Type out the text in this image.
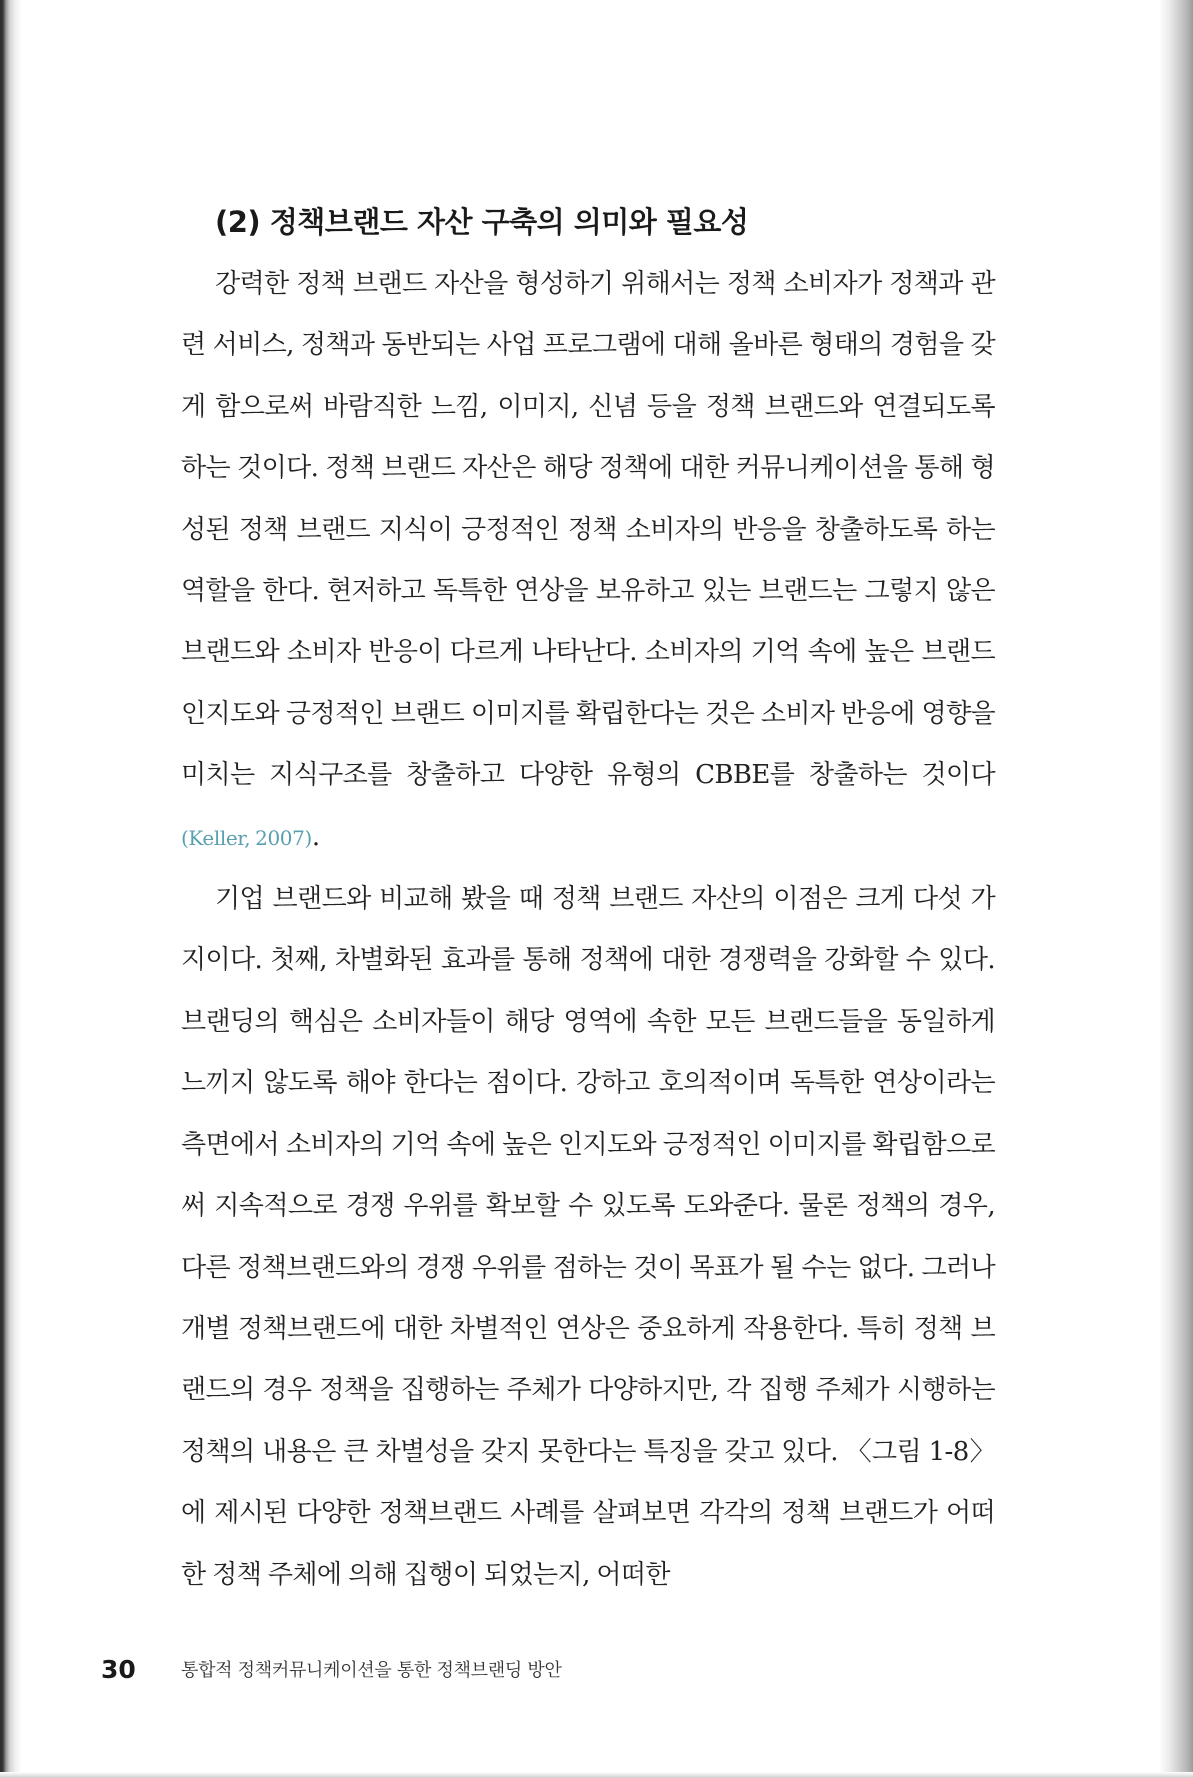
(2) 정책브랜드 자산 구축의 의미와 필요성

강력한 정책 브랜드 자산을 형성하기 위해서는 정책 소비자가 정책과 관련 서비스, 정책과 동반되는 사업 프로그램에 대해 올바른 형태의 경험을 갖게 함으로써 바람직한 느낌, 이미지, 신념 등을 정책 브랜드와 연결되도록 하는 것이다. 정책 브랜드 자산은 해당 정책에 대한 커뮤니케이션을 통해 형성된 정책 브랜드 지식이 긍정적인 정책 소비자의 반응을 창출하도록 하는 역할을 한다. 현저하고 독특한 연상을 보유하고 있는 브랜드는 그렇지 않은 브랜드와 소비자 반응이 다르게 나타난다. 소비자의 기억 속에 높은 브랜드 인지도와 긍정적인 브랜드 이미지를 확립한다는 것은 소비자 반응에 영향을 미치는 지식구조를 창출하고 다양한 유형의 CBBE를 창출하는 것이다(Keller, 2007).

기업 브랜드와 비교해 봤을 때 정책 브랜드 자산의 이점은 크게 다섯 가지이다. 첫째, 차별화된 효과를 통해 정책에 대한 경쟁력을 강화할 수 있다. 브랜딩의 핵심은 소비자들이 해당 영역에 속한 모든 브랜드들을 동일하게 느끼지 않도록 해야 한다는 점이다. 강하고 호의적이며 독특한 연상이라는 측면에서 소비자의 기억 속에 높은 인지도와 긍정적인 이미지를 확립함으로써 지속적으로 경쟁 우위를 확보할 수 있도록 도와준다. 물론 정책의 경우, 다른 정책브랜드와의 경쟁 우위를 점하는 것이 목표가 될 수는 없다. 그러나 개별 정책브랜드에 대한 차별적인 연상은 중요하게 작용한다. 특히 정책 브랜드의 경우 정책을 집행하는 주체가 다양하지만, 각 집행 주체가 시행하는 정책의 내용은 큰 차별성을 갖지 못한다는 특징을 갖고 있다. 〈그림 1-8〉에 제시된 다양한 정책브랜드 사례를 살펴보면 각각의 정책 브랜드가 어떠한 정책 주체에 의해 집행이 되었는지, 어떠한

30	통합적 정책커뮤니케이션을 통한 정책브랜딩 방안
